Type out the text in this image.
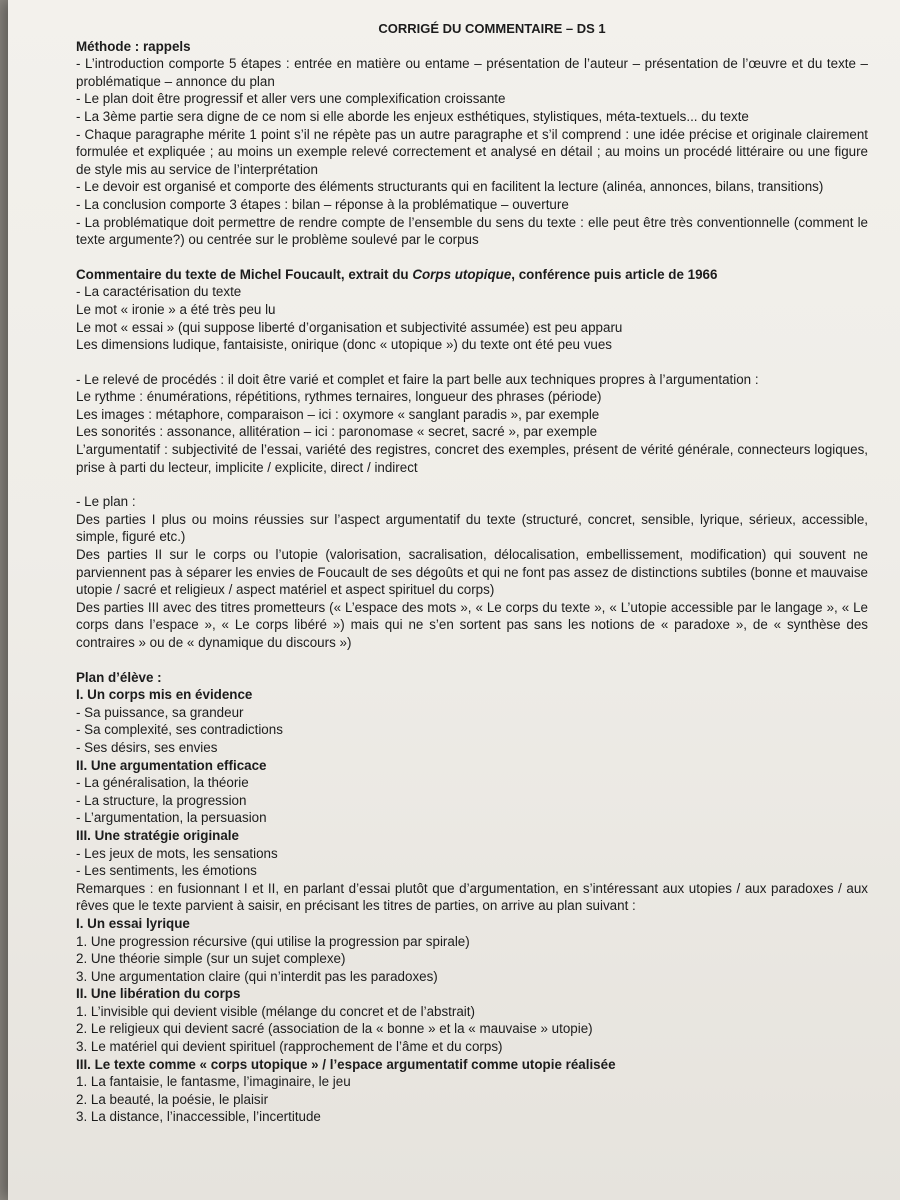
CORRIGÉ DU COMMENTAIRE – DS 1
Méthode : rappels
- L’introduction comporte 5 étapes : entrée en matière ou entame – présentation de l’auteur – présentation de l’œuvre et du texte – problématique – annonce du plan
- Le plan doit être progressif et aller vers une complexification croissante
- La 3ème partie sera digne de ce nom si elle aborde les enjeux esthétiques, stylistiques, méta-textuels... du texte
- Chaque paragraphe mérite 1 point s’il ne répète pas un autre paragraphe et s’il comprend : une idée précise et originale clairement formulée et expliquée ; au moins un exemple relevé correctement et analysé en détail ; au moins un procédé littéraire ou une figure de style mis au service de l’interprétation
- Le devoir est organisé et comporte des éléments structurants qui en facilitent la lecture (alinéa, annonces, bilans, transitions)
- La conclusion comporte 3 étapes : bilan – réponse à la problématique – ouverture
- La problématique doit permettre de rendre compte de l’ensemble du sens du texte : elle peut être très conventionnelle (comment le texte argumente?) ou centrée sur le problème soulevé par le corpus
Commentaire du texte de Michel Foucault, extrait du Corps utopique, conférence puis article de 1966
- La caractérisation du texte
Le mot « ironie » a été très peu lu
Le mot « essai » (qui suppose liberté d’organisation et subjectivité assumée) est peu apparu
Les dimensions ludique, fantaisiste, onirique (donc « utopique ») du texte ont été peu vues
- Le relevé de procédés : il doit être varié et complet et faire la part belle aux techniques propres à l’argumentation :
Le rythme : énumérations, répétitions, rythmes ternaires, longueur des phrases (période)
Les images : métaphore, comparaison – ici : oxymore « sanglant paradis », par exemple
Les sonorités : assonance, allitération – ici : paronomase « secret, sacré », par exemple
L’argumentatif : subjectivité de l’essai, variété des registres, concret des exemples, présent de vérité générale, connecteurs logiques, prise à parti du lecteur, implicite / explicite, direct / indirect
- Le plan :
Des parties I plus ou moins réussies sur l’aspect argumentatif du texte (structuré, concret, sensible, lyrique, sérieux, accessible, simple, figuré etc.)
Des parties II sur le corps ou l’utopie (valorisation, sacralisation, délocalisation, embellissement, modification) qui souvent ne parviennent pas à séparer les envies de Foucault de ses dégoûts et qui ne font pas assez de distinctions subtiles (bonne et mauvaise utopie / sacré et religieux / aspect matériel et aspect spirituel du corps)
Des parties III avec des titres prometteurs (« L’espace des mots », « Le corps du texte », « L’utopie accessible par le langage », « Le corps dans l’espace », « Le corps libéré ») mais qui ne s’en sortent pas sans les notions de « paradoxe », de « synthèse des contraires » ou de « dynamique du discours »)
Plan d’élève :
I. Un corps mis en évidence
- Sa puissance, sa grandeur
- Sa complexité, ses contradictions
- Ses désirs, ses envies
II. Une argumentation efficace
- La généralisation, la théorie
- La structure, la progression
- L’argumentation, la persuasion
III. Une stratégie originale
- Les jeux de mots, les sensations
- Les sentiments, les émotions
Remarques : en fusionnant I et II, en parlant d’essai plutôt que d’argumentation, en s’intéressant aux utopies / aux paradoxes / aux rêves que le texte parvient à saisir, en précisant les titres de parties, on arrive au plan suivant :
I. Un essai lyrique
1. Une progression récursive (qui utilise la progression par spirale)
2. Une théorie simple (sur un sujet complexe)
3. Une argumentation claire (qui n’interdit pas les paradoxes)
II. Une libération du corps
1. L’invisible qui devient visible (mélange du concret et de l’abstrait)
2. Le religieux qui devient sacré (association de la « bonne » et la « mauvaise » utopie)
3. Le matériel qui devient spirituel (rapprochement de l’âme et du corps)
III. Le texte comme « corps utopique » / l’espace argumentatif comme utopie réalisée
1. La fantaisie, le fantasme, l’imaginaire, le jeu
2. La beauté, la poésie, le plaisir
3. La distance, l’inaccessible, l’incertitude
